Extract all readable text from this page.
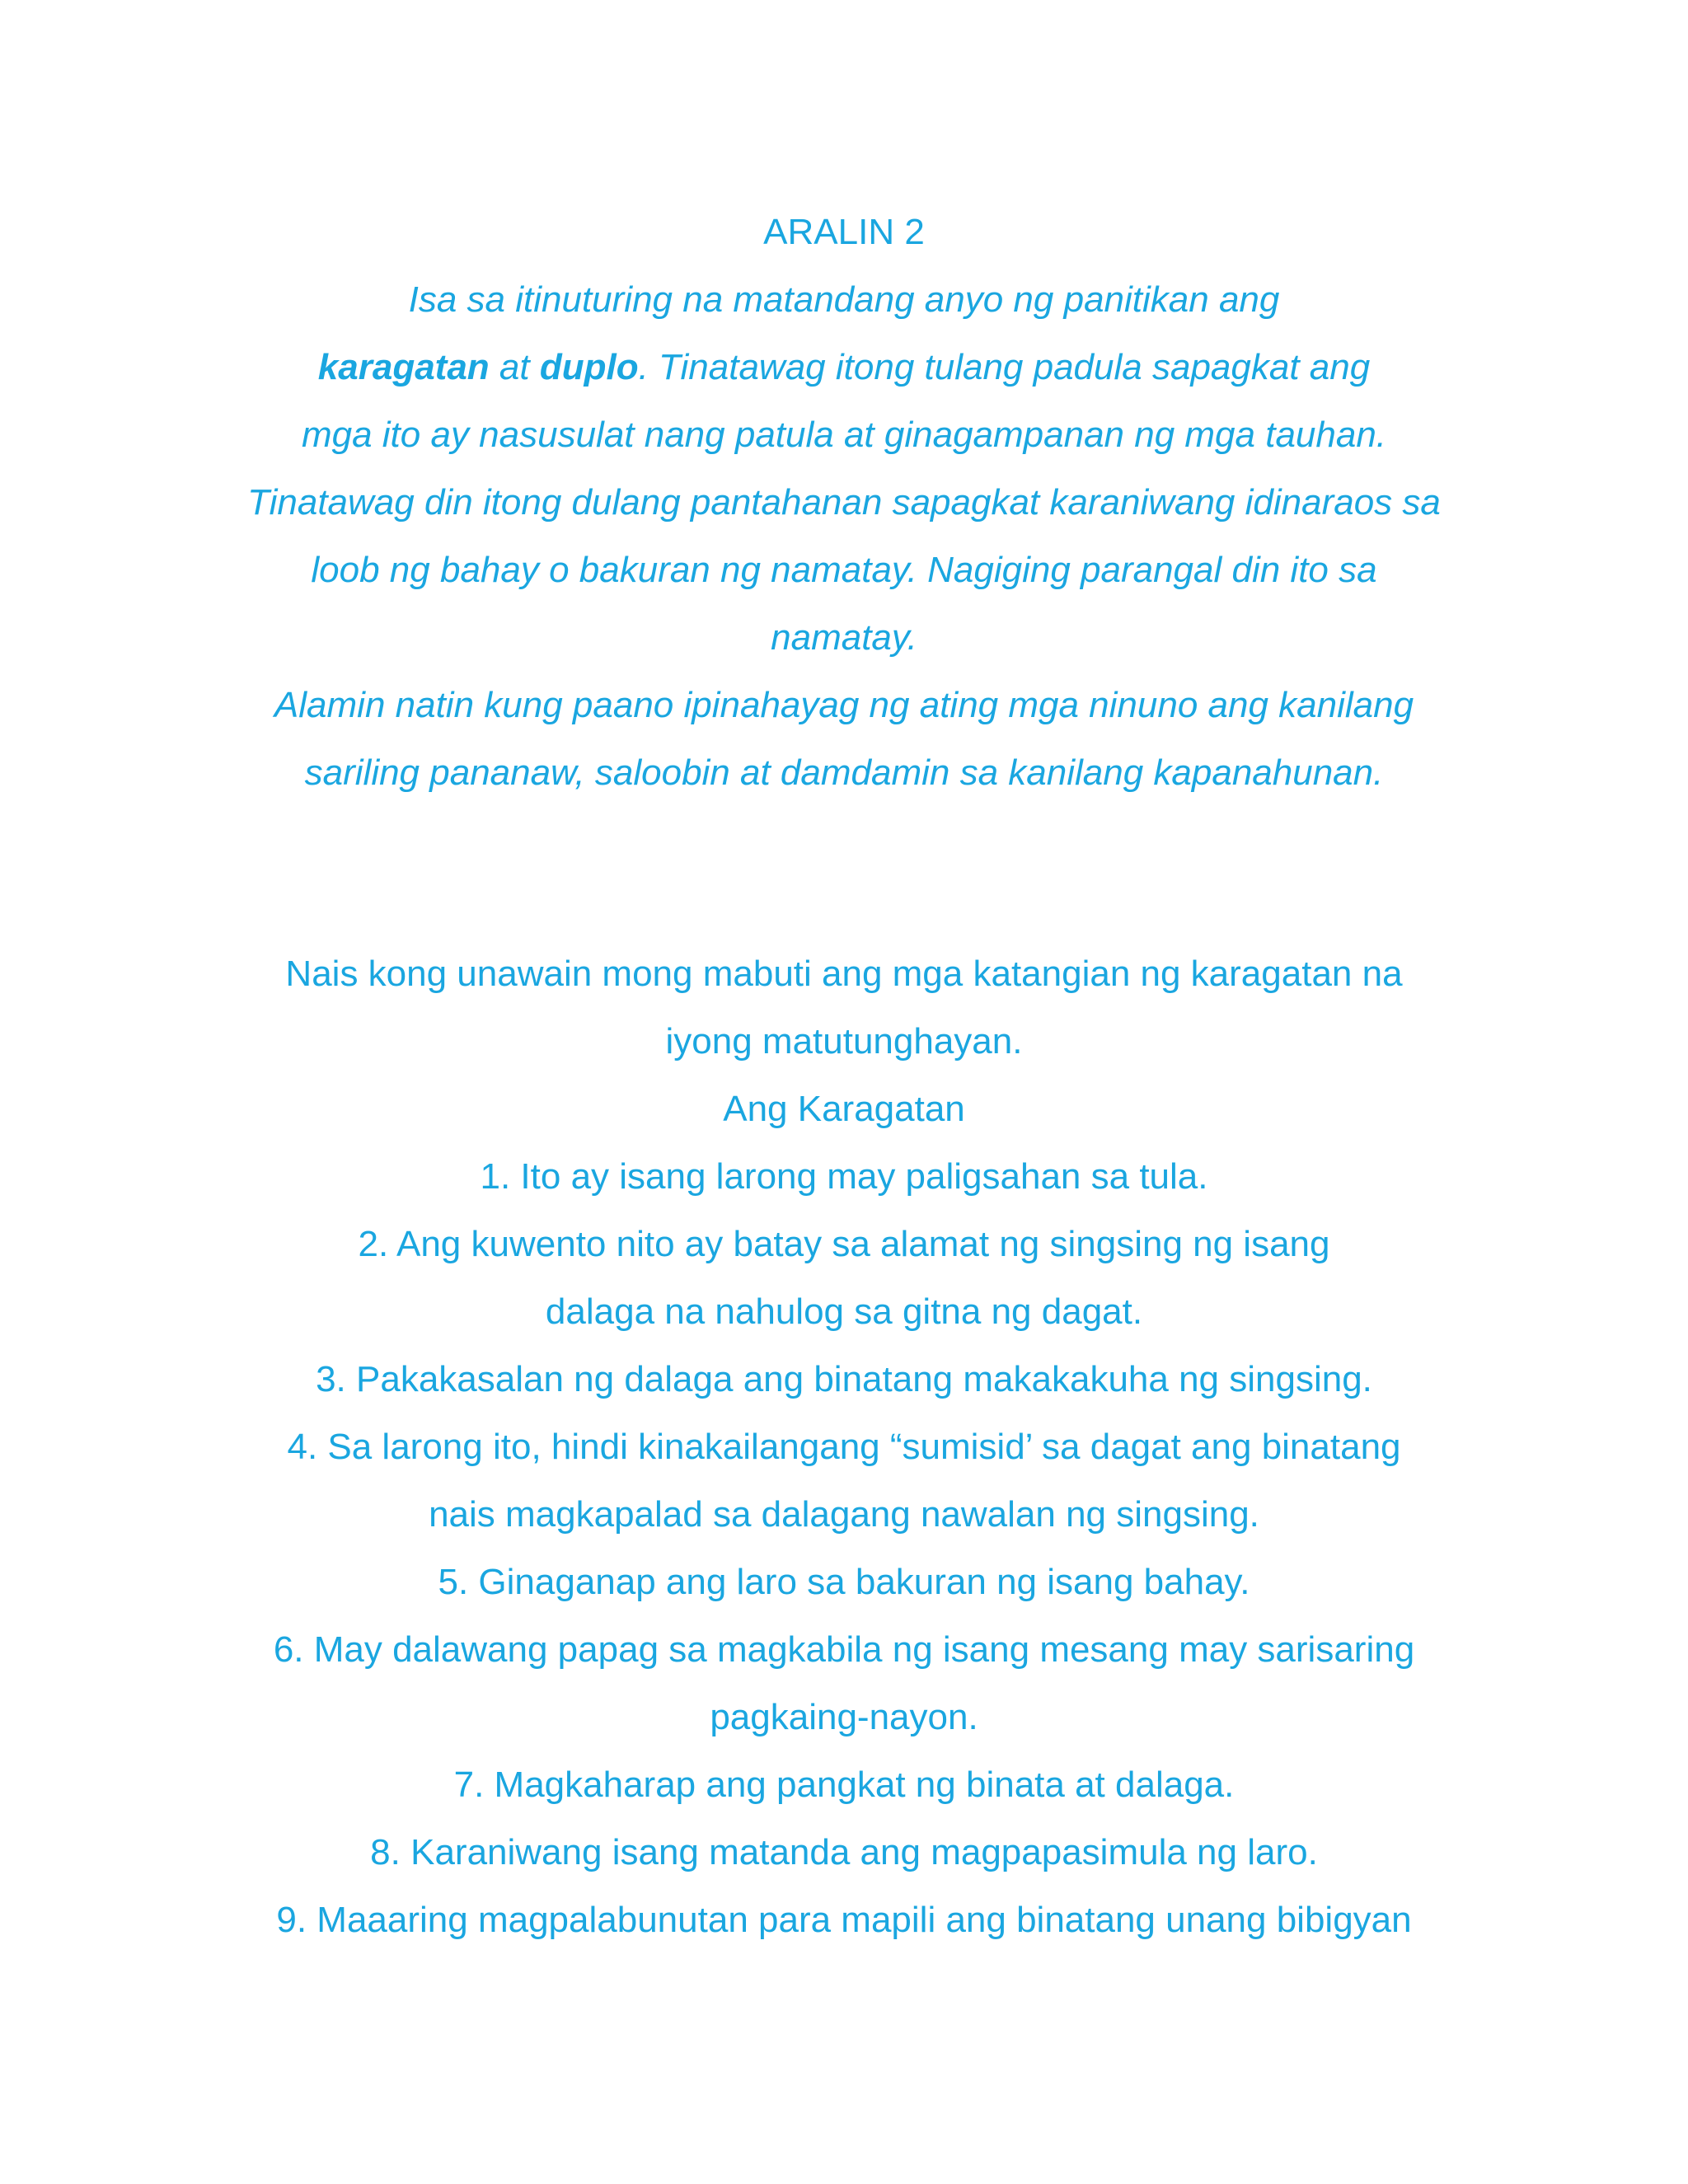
ARALIN 2

Isa sa itinuturing na matandang anyo ng panitikan ang

karagatan at duplo. Tinatawag itong tulang padula sapagkat ang

mga ito ay nasusulat nang patula at ginagampanan ng mga tauhan.

Tinatawag din itong dulang pantahanan sapagkat karaniwang idinaraos sa

loob ng bahay o bakuran ng namatay. Nagiging parangal din ito sa

namatay.

Alamin natin kung paano ipinahayag ng ating mga ninuno ang kanilang

sariling pananaw, saloobin at damdamin sa kanilang kapanahunan.

Nais kong unawain mong mabuti ang mga katangian ng karagatan na

iyong matutunghayan.

Ang Karagatan

1. Ito ay isang larong may paligsahan sa tula.

2. Ang kuwento nito ay batay sa alamat ng singsing ng isang

dalaga na nahulog sa gitna ng dagat.

3. Pakakasalan ng dalaga ang binatang makakakuha ng singsing.

4. Sa larong ito, hindi kinakailangang “sumisid’ sa dagat ang binatang

nais magkapalad sa dalagang nawalan ng singsing.

5. Ginaganap ang laro sa bakuran ng isang bahay.

6. May dalawang papag sa magkabila ng isang mesang may sarisaring

pagkaing-nayon.

7. Magkaharap ang pangkat ng binata at dalaga.

8. Karaniwang isang matanda ang magpapasimula ng laro.

9. Maaaring magpalabunutan para mapili ang binatang unang bibigyan
